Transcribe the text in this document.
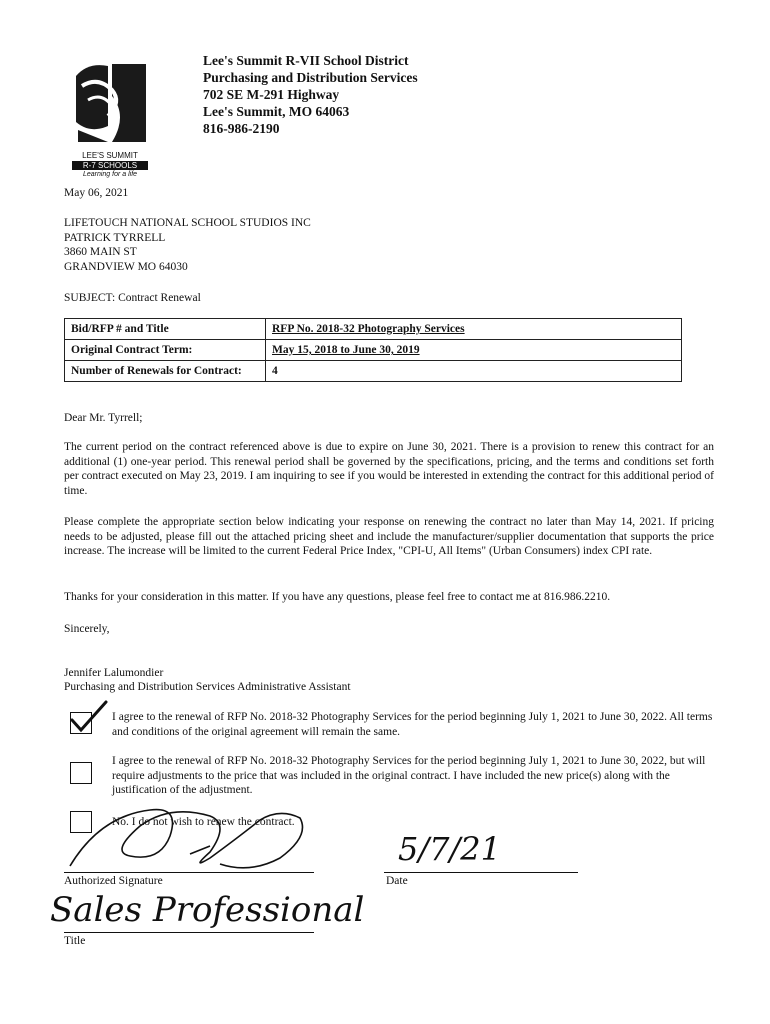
LEE'S SUMMIT
R-7 SCHOOLS
Learning for a life
Lee's Summit R-VII School District
Purchasing and Distribution Services
702 SE M-291 Highway
Lee's Summit, MO 64063
816-986-2190
May 06, 2021
LIFETOUCH NATIONAL SCHOOL STUDIOS INC
PATRICK TYRRELL
3860 MAIN ST
GRANDVIEW MO 64030
SUBJECT: Contract Renewal
Bid/RFP # and Title	RFP No. 2018-32 Photography Services
Original Contract Term:	May 15, 2018 to June 30, 2019
Number of Renewals for Contract:	4
Dear Mr. Tyrrell;
The current period on the contract referenced above is due to expire on June 30, 2021. There is a provision to renew this contract for an additional (1) one-year period. This renewal period shall be governed by the specifications, pricing, and the terms and conditions set forth per contract executed on May 23, 2019. I am inquiring to see if you would be interested in extending the contract for this additional period of time.
Please complete the appropriate section below indicating your response on renewing the contract no later than May 14, 2021. If pricing needs to be adjusted, please fill out the attached pricing sheet and include the manufacturer/supplier documentation that supports the price increase. The increase will be limited to the current Federal Price Index, "CPI-U, All Items" (Urban Consumers) index CPI rate.
Thanks for your consideration in this matter. If you have any questions, please feel free to contact me at 816.986.2210.
Sincerely,
Jennifer Lalumondier
Purchasing and Distribution Services Administrative Assistant
I agree to the renewal of RFP No. 2018-32 Photography Services for the period beginning July 1, 2021 to June 30, 2022. All terms and conditions of the original agreement will remain the same.
I agree to the renewal of RFP No. 2018-32 Photography Services for the period beginning July 1, 2021 to June 30, 2022, but will require adjustments to the price that was included in the original contract. I have included the new price(s) along with the justification of the adjustment.
No. I do not wish to renew the contract.
Authorized Signature
5/7/21
Date
Sales Professional
Title
